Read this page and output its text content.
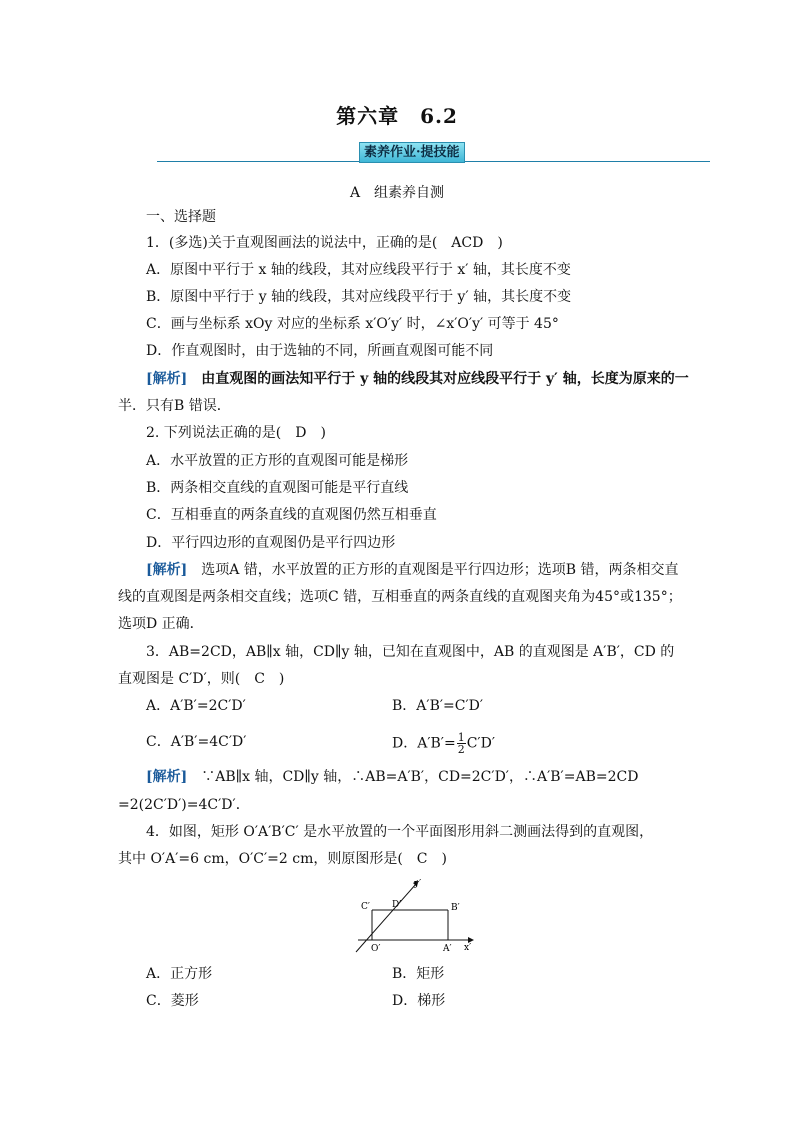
第六章　6.2
素养作业·提技能
A　组素养自测
一、选择题
1．(多选)关于直观图画法的说法中，正确的是(　ACD　)
A．原图中平行于 x 轴的线段，其对应线段平行于 x′ 轴，其长度不变
B．原图中平行于 y 轴的线段，其对应线段平行于 y′ 轴，其长度不变
C．画与坐标系 xOy 对应的坐标系 x′O′y′ 时，∠x′O′y′ 可等于 45°
D．作直观图时，由于选轴的不同，所画直观图可能不同
[解析]　由直观图的画法知平行于 y 轴的线段其对应线段平行于 y′ 轴，长度为原来的一
半．只有B 错误．
2. 下列说法正确的是(　D　)
A．水平放置的正方形的直观图可能是梯形
B．两条相交直线的直观图可能是平行直线
C．互相垂直的两条直线的直观图仍然互相垂直
D．平行四边形的直观图仍是平行四边形
[解析]　选项A 错，水平放置的正方形的直观图是平行四边形；选项B 错，两条相交直
线的直观图是两条相交直线；选项C 错，互相垂直的两条直线的直观图夹角为45°或135°；
选项D 正确．
3．AB=2CD，AB∥x 轴，CD∥y 轴，已知在直观图中，AB 的直观图是 A′B′，CD 的
直观图是 C′D′，则(　C　)
A．A′B′=2C′D′	B．A′B′=C′D′
C．A′B′=4C′D′	D．$A'B'= \frac{1}{2} C'D'$
[解析]　∵AB∥x 轴，CD∥y 轴，∴AB=A′B′，CD=2C′D′，∴A′B′=AB=2CD
=2(2C′D′)=4C′D′．
4．如图，矩形 O′A′B′C′ 是水平放置的一个平面图形用斜二测画法得到的直观图，
其中 O′A′=6 cm，O′C′=2 cm，则原图形是(　C　)
y′
x′
C′ D′	B′
O′	A′
A．正方形	B．矩形
C．菱形	D．梯形
